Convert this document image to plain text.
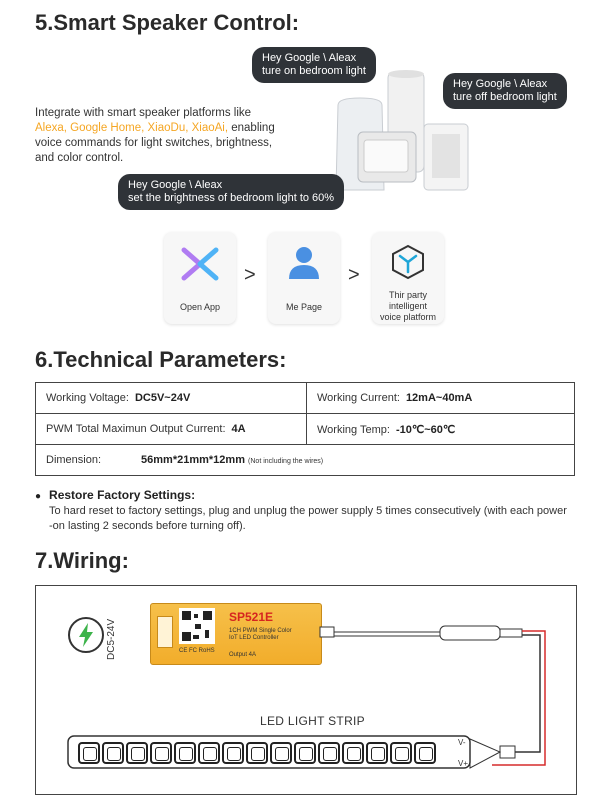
5.Smart Speaker Control:
Integrate with smart speaker platforms like
Alexa, Google Home, XiaoDu, XiaoAi, enabling
voice commands for light switches, brightness,
and color control.
Hey Google \ Aleax
ture on bedroom light
Hey Google \ Aleax
ture off bedroom light
Hey Google \ Aleax
set the brightness of bedroom light to 60%
Open App
>
Me Page
>
Thir party
intelligent
voice platform
6.Technical Parameters:
Working Voltage: DC5V~24V	Working Current: 12mA~40mA
PWM Total Maximun Output Current: 4A	Working Temp: -10℃~60℃
Dimension: 56mm*21mm*12mm (Not including the wires)	
● Restore Factory Settings:
To hard reset to factory settings, plug and unplug the power supply 5 times consecutively (with each power
-on lasting 2 seconds before turning off).
7.Wiring:
DC5-24V	CE FC RoHS
SP521E
1CH PWM Single Color
IoT LED Controller
Output 4A
LED LIGHT STRIP
V-
V+
